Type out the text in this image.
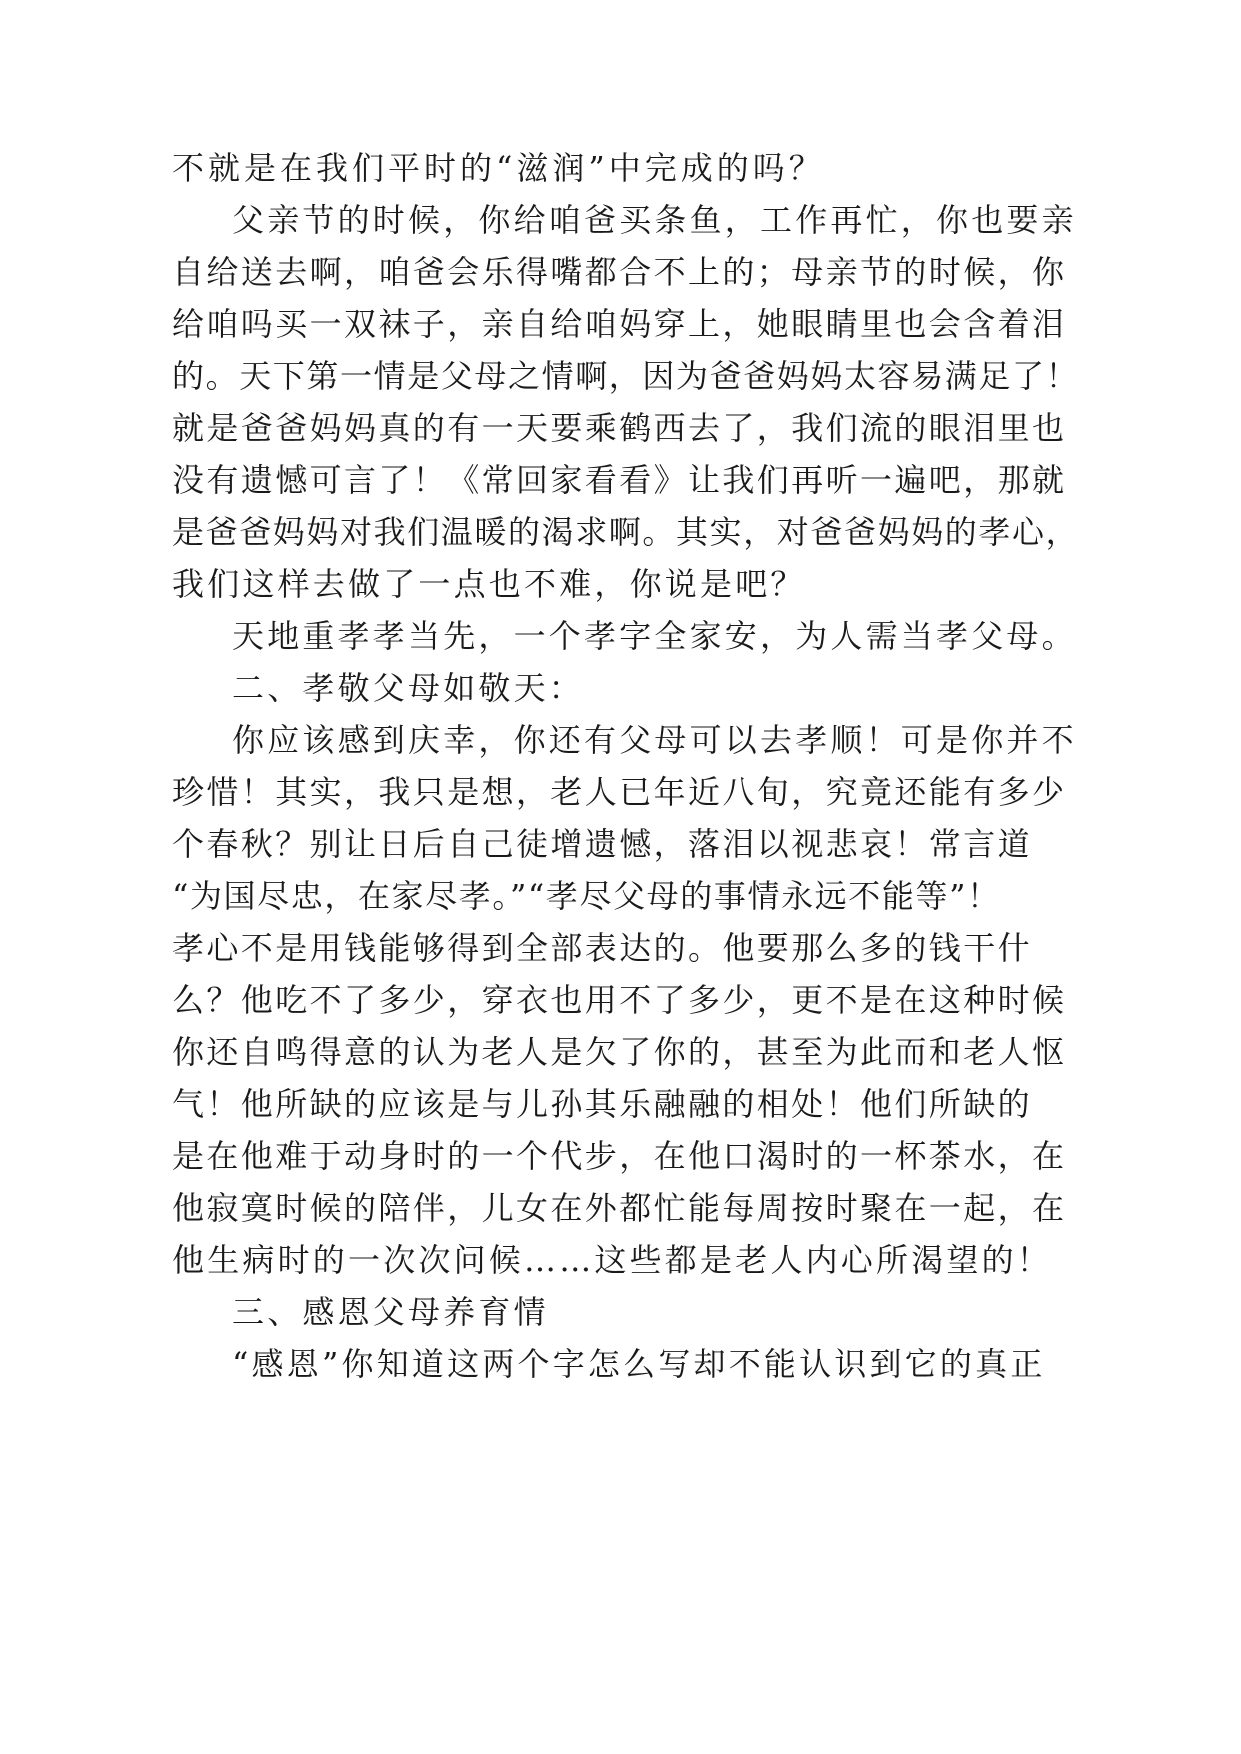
不就是在我们平时的“滋润”中完成的吗？
父亲节的时候，你给咱爸买条鱼，工作再忙，你也要亲
自给送去啊，咱爸会乐得嘴都合不上的；母亲节的时候，你
给咱吗买一双袜子，亲自给咱妈穿上，她眼睛里也会含着泪
的。天下第一情是父母之情啊，因为爸爸妈妈太容易满足了！
就是爸爸妈妈真的有一天要乘鹤西去了，我们流的眼泪里也
没有遗憾可言了！《常回家看看》让我们再听一遍吧，那就
是爸爸妈妈对我们温暖的渴求啊。其实，对爸爸妈妈的孝心，
我们这样去做了一点也不难，你说是吧？
天地重孝孝当先，一个孝字全家安，为人需当孝父母。
二、孝敬父母如敬天：
你应该感到庆幸，你还有父母可以去孝顺！可是你并不
珍惜！其实，我只是想，老人已年近八旬，究竟还能有多少
个春秋？别让日后自己徒增遗憾，落泪以视悲哀！常言道
“为国尽忠，在家尽孝。”“孝尽父母的事情永远不能等”！
孝心不是用钱能够得到全部表达的。他要那么多的钱干什
么？他吃不了多少，穿衣也用不了多少，更不是在这种时候
你还自鸣得意的认为老人是欠了你的，甚至为此而和老人怄
气！他所缺的应该是与儿孙其乐融融的相处！他们所缺的
是在他难于动身时的一个代步，在他口渴时的一杯茶水，在
他寂寞时候的陪伴，儿女在外都忙能每周按时聚在一起，在
他生病时的一次次问候……这些都是老人内心所渴望的！
三、感恩父母养育情
“感恩”你知道这两个字怎么写却不能认识到它的真正
